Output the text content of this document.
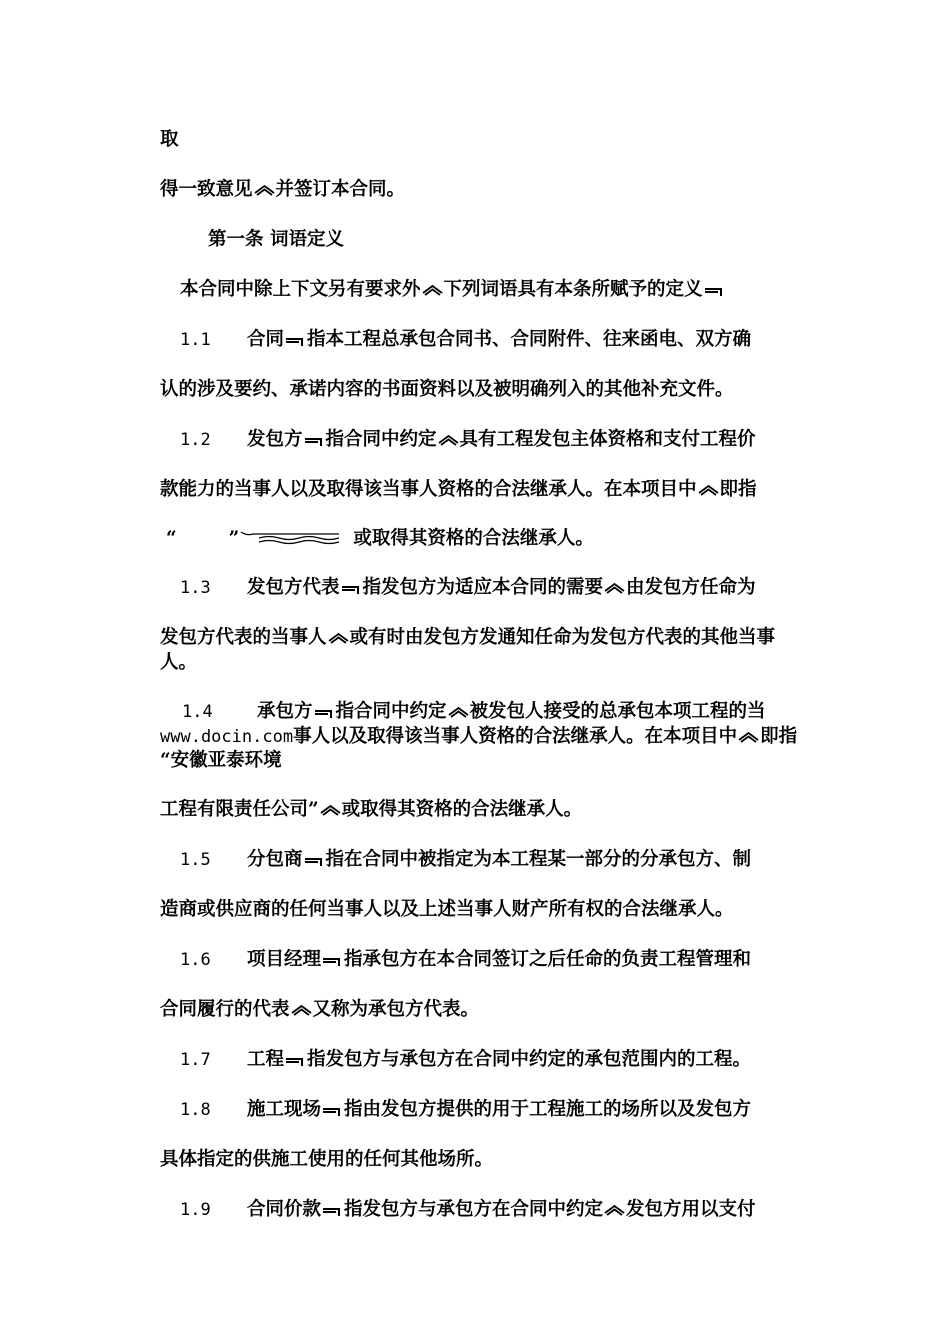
取
得一致意见 并签订本合同。
第一条 词语定义
本合同中除上下文另有要求外 下列词语具有本条所赋予的定义
1.1 合同 指本工程总承包合同书、合同附件、往来函电、双方确
认的涉及要约、承诺内容的书面资料以及被明确列入的其他补充文件。
1.2 发包方 指合同中约定 具有工程发包主体资格和支付工程价
款能力的当事人以及取得该当事人资格的合法继承人。在本项目中 即指
“	”	或取得其资格的合法继承人。
1.3 发包方代表 指发包方为适应本合同的需要 由发包方任命为
发包方代表的当事人 或有时由发包方发通知任命为发包方代表的其他当事
人。
1.4 承包方 指合同中约定 被发包人接受的总承包本项工程的当
www.docin.com事人以及取得该当事人资格的合法继承人。在本项目中 即指
“安徽亚泰环境
工程有限责任公司” 或取得其资格的合法继承人。
1.5 分包商 指在合同中被指定为本工程某一部分的分承包方、制
造商或供应商的任何当事人以及上述当事人财产所有权的合法继承人。
1.6 项目经理 指承包方在本合同签订之后任命的负责工程管理和
合同履行的代表 又称为承包方代表。
1.7 工程 指发包方与承包方在合同中约定的承包范围内的工程。
1.8 施工现场 指由发包方提供的用于工程施工的场所以及发包方
具体指定的供施工使用的任何其他场所。
1.9 合同价款 指发包方与承包方在合同中约定 发包方用以支付
